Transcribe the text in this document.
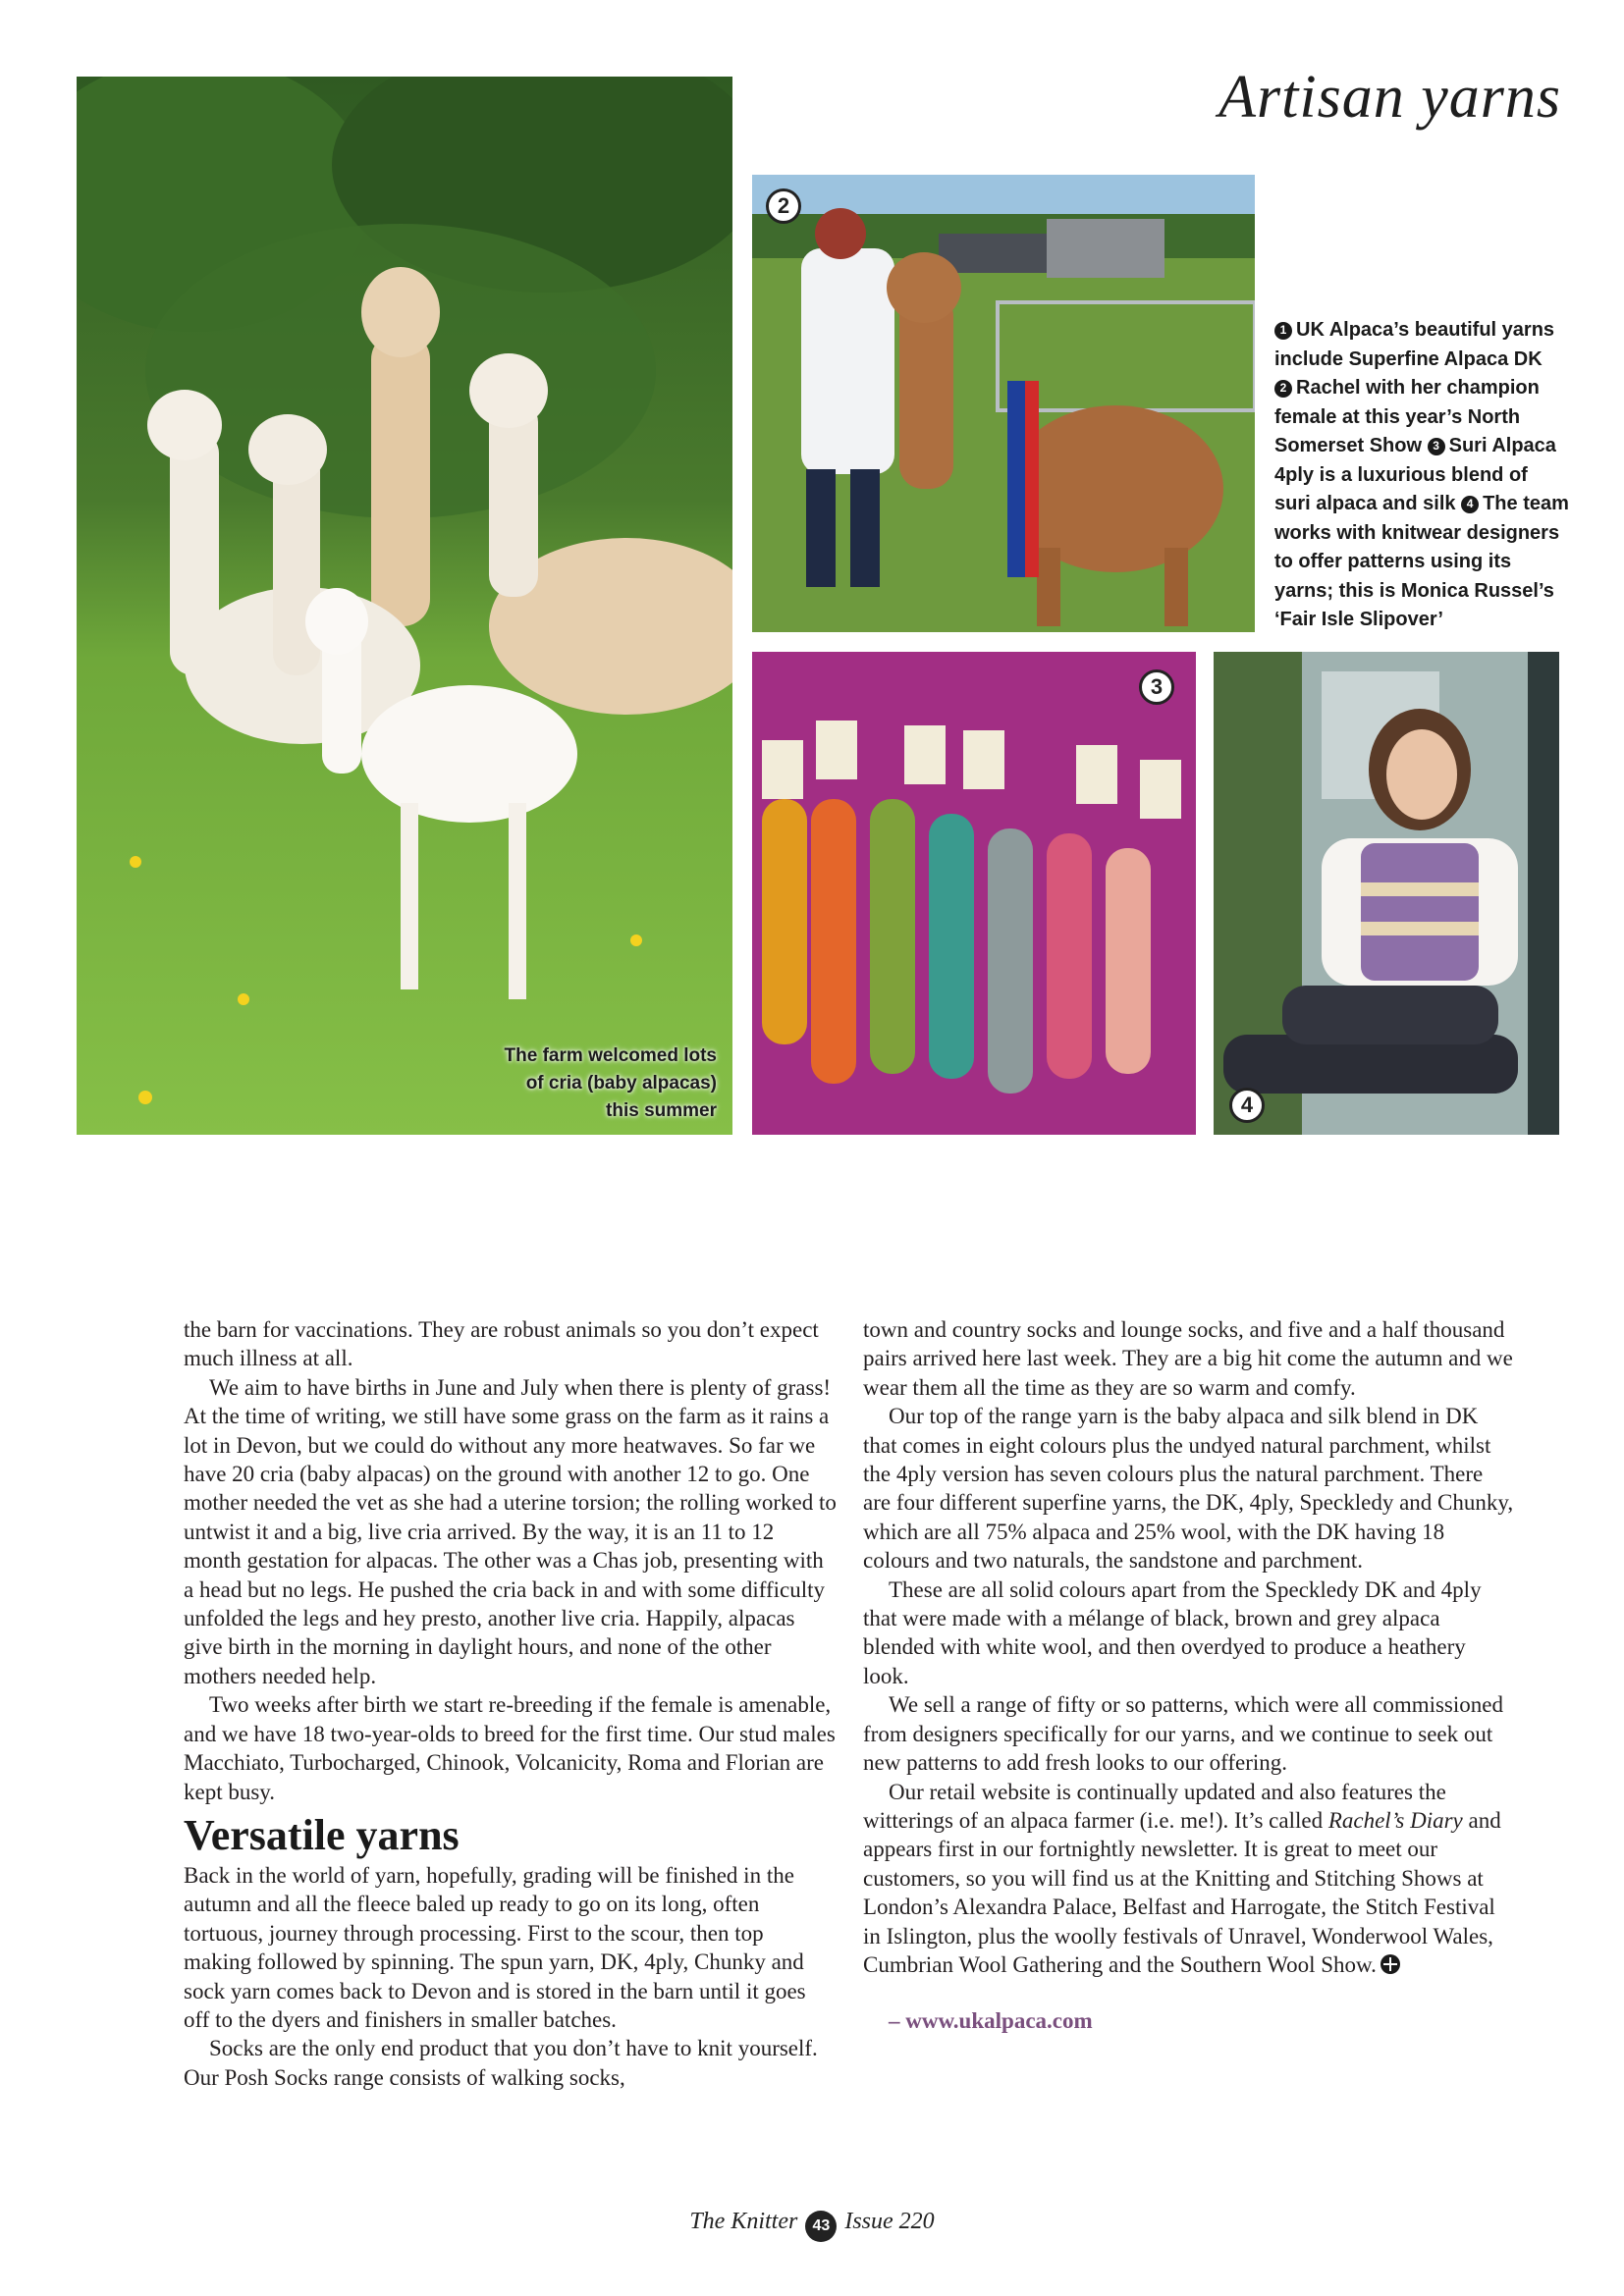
Artisan yarns
The farm welcomed lots of cria (baby alpacas) this summer
2
1 UK Alpaca’s beautiful yarns include Superfine Alpaca DK 2 Rachel with her champion female at this year’s North Somerset Show 3 Suri Alpaca 4ply is a luxurious blend of suri alpaca and silk 4 The team works with knitwear designers to offer patterns using its yarns; this is Monica Russel’s ‘Fair Isle Slipover’
3
4

the barn for vaccinations. They are robust animals so you don’t expect much illness at all.

We aim to have births in June and July when there is plenty of grass! At the time of writing, we still have some grass on the farm as it rains a lot in Devon, but we could do without any more heatwaves. So far we have 20 cria (baby alpacas) on the ground with another 12 to go. One mother needed the vet as she had a uterine torsion; the rolling worked to untwist it and a big, live cria arrived. By the way, it is an 11 to 12 month gestation for alpacas. The other was a Chas job, presenting with a head but no legs. He pushed the cria back in and with some difficulty unfolded the legs and hey presto, another live cria. Happily, alpacas give birth in the morning in daylight hours, and none of the other mothers needed help.

Two weeks after birth we start re-breeding if the female is amenable, and we have 18 two-year-olds to breed for the first time. Our stud males Macchiato, Turbocharged, Chinook, Volcanicity, Roma and Florian are kept busy.

Versatile yarns

Back in the world of yarn, hopefully, grading will be finished in the autumn and all the fleece baled up ready to go on its long, often tortuous, journey through processing. First to the scour, then top making followed by spinning. The spun yarn, DK, 4ply, Chunky and sock yarn comes back to Devon and is stored in the barn until it goes off to the dyers and finishers in smaller batches.

Socks are the only end product that you don’t have to knit yourself. Our Posh Socks range consists of walking socks,

town and country socks and lounge socks, and five and a half thousand pairs arrived here last week. They are a big hit come the autumn and we wear them all the time as they are so warm and comfy.

Our top of the range yarn is the baby alpaca and silk blend in DK that comes in eight colours plus the undyed natural parchment, whilst the 4ply version has seven colours plus the natural parchment. There are four different superfine yarns, the DK, 4ply, Speckledy and Chunky, which are all 75% alpaca and 25% wool, with the DK having 18 colours and two naturals, the sandstone and parchment.

These are all solid colours apart from the Speckledy DK and 4ply that were made with a mélange of black, brown and grey alpaca blended with white wool, and then overdyed to produce a heathery look.

We sell a range of fifty or so patterns, which were all commissioned from designers specifically for our yarns, and we continue to seek out new patterns to add fresh looks to our offering.

Our retail website is continually updated and also features the witterings of an alpaca farmer (i.e. me!). It’s called Rachel’s Diary and appears first in our fortnightly newsletter. It is great to meet our customers, so you will find us at the Knitting and Stitching Shows at London’s Alexandra Palace, Belfast and Harrogate, the Stitch Festival in Islington, plus the woolly festivals of Unravel, Wonderwool Wales, Cumbrian Wool Gathering and the Southern Wool Show.

– www.ukalpaca.com

The Knitter 43 Issue 220
